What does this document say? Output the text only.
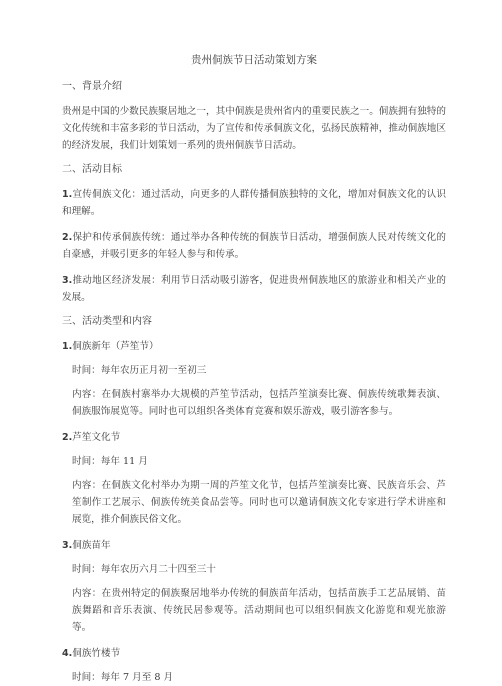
贵州侗族节日活动策划方案
一、背景介绍
贵州是中国的少数民族聚居地之一，其中侗族是贵州省内的重要民族之一。侗族拥有独特的文化传统和丰富多彩的节日活动，为了宣传和传承侗族文化，弘扬民族精神，推动侗族地区的经济发展，我们计划策划一系列的贵州侗族节日活动。
二、活动目标
1.宣传侗族文化：通过活动，向更多的人群传播侗族独特的文化，增加对侗族文化的认识和理解。
2.保护和传承侗族传统：通过举办各种传统的侗族节日活动，增强侗族人民对传统文化的自豪感，并吸引更多的年轻人参与和传承。
3.推动地区经济发展：利用节日活动吸引游客，促进贵州侗族地区的旅游业和相关产业的发展。
三、活动类型和内容
1.侗族新年（芦笙节）
时间：每年农历正月初一至初三
内容：在侗族村寨举办大规模的芦笙节活动，包括芦笙演奏比赛、侗族传统歌舞表演、侗族服饰展览等。同时也可以组织各类体育竞赛和娱乐游戏，吸引游客参与。
2.芦笙文化节
时间：每年 11 月
内容：在侗族文化村举办为期一周的芦笙文化节，包括芦笙演奏比赛、民族音乐会、芦笙制作工艺展示、侗族传统美食品尝等。同时也可以邀请侗族文化专家进行学术讲座和展览，推介侗族民俗文化。
3.侗族苗年
时间：每年农历六月二十四至三十
内容：在贵州特定的侗族聚居地举办传统的侗族苗年活动，包括苗族手工艺品展销、苗族舞蹈和音乐表演、传统民居参观等。活动期间也可以组织侗族文化游览和观光旅游等。
4.侗族竹楼节
时间：每年 7 月至 8 月
